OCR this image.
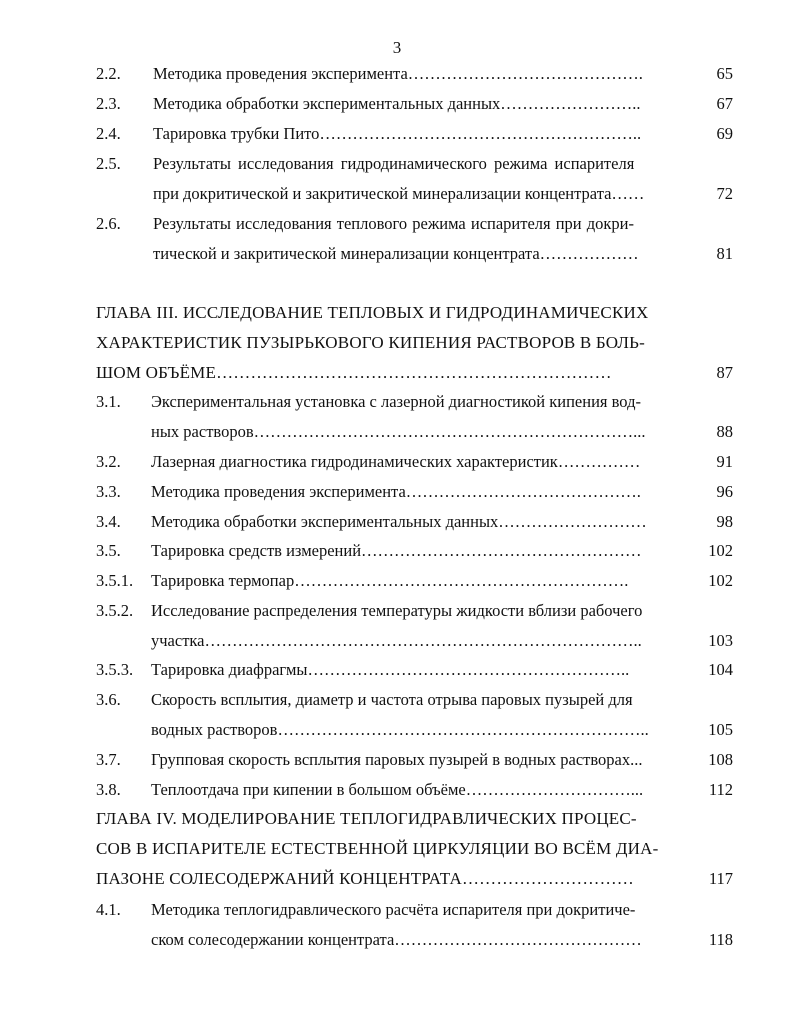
3
2.2. Методика проведения эксперимента…………………………………….	65
2.3. Методика обработки экспериментальных данных……………………..	67
2.4. Тарировка трубки Пито…………………………………………………..	69
2.5. Результаты исследования гидродинамического режима испарителя
при докритической и закритической минерализации концентрата……	72
2.6. Результаты исследования теплового режима испарителя при докри-
тической и закритической минерализации концентрата………………	81
ГЛАВА III. ИССЛЕДОВАНИЕ ТЕПЛОВЫХ И ГИДРОДИНАМИЧЕСКИХ
ХАРАКТЕРИСТИК ПУЗЫРЬКОВОГО КИПЕНИЯ РАСТВОРОВ В БОЛЬ-
ШОМ ОБЪЁМЕ……………………………………………………………	87
3.1. Экспериментальная установка с лазерной диагностикой кипения вод-
ных растворов……………………………………………………………...	88
3.2. Лазерная диагностика гидродинамических характеристик……………	91
3.3. Методика проведения эксперимента…………………………………….	96
3.4. Методика обработки экспериментальных данных………………………	98
3.5. Тарировка средств измерений……………………………………………	102
3.5.1. Тарировка термопар…………………………………………………….	102
3.5.2. Исследование распределения температуры жидкости вблизи рабочего
участка……………………………………………………………………..	103
3.5.3. Тарировка диафрагмы…………………………………………………..	104
3.6. Скорость всплытия, диаметр и частота отрыва паровых пузырей для
водных растворов…………………………………………………………..	105
3.7. Групповая скорость всплытия паровых пузырей в водных растворах...	108
3.8. Теплоотдача при кипении в большом объёме…………………………...	112
ГЛАВА IV. МОДЕЛИРОВАНИЕ ТЕПЛОГИДРАВЛИЧЕСКИХ ПРОЦЕС-
СОВ В ИСПАРИТЕЛЕ ЕСТЕСТВЕННОЙ ЦИРКУЛЯЦИИ ВО ВСЁМ ДИА-
ПАЗОНЕ СОЛЕСОДЕРЖАНИЙ КОНЦЕНТРАТА…………………………	117
4.1. Методика теплогидравлического расчёта испарителя при докритиче-
ском солесодержании концентрата………………………………………	118
